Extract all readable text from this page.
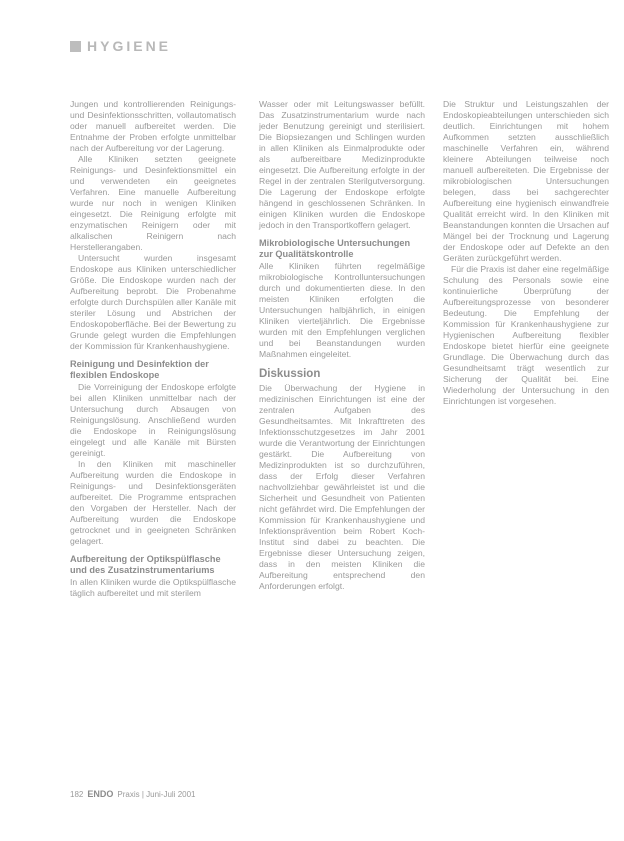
HYGIENE

Jungen und kontrollierenden Reinigungs- und Desinfektionsschritten, vollautomatisch oder manuell aufbereitet werden. Die Entnahme der Proben erfolgte unmittelbar nach der Aufbereitung vor der Lagerung.

Alle Kliniken setzten geeignete Reinigungs- und Desinfektionsmittel ein und verwendeten ein geeignetes Verfahren. Eine manuelle Aufbereitung wurde nur noch in wenigen Kliniken eingesetzt. Die Reinigung erfolgte mit enzymatischen Reinigern oder mit alkalischen Reinigern nach Herstellerangaben.

Untersucht wurden insgesamt Endoskope aus Kliniken unterschiedlicher Größe. Die Endoskope wurden nach der Aufbereitung beprobt. Die Probenahme erfolgte durch Durchspülen aller Kanäle mit steriler Lösung und Abstrichen der Endoskopoberfläche. Bei der Bewertung zu Grunde gelegt wurden die Empfehlungen der Kommission für Krankenhaushygiene.

Reinigung und Desinfektion der flexiblen Endoskope

Die Vorreinigung der Endoskope erfolgte bei allen Kliniken unmittelbar nach der Untersuchung durch Absaugen von Reinigungslösung. Anschließend wurden die Endoskope in Reinigungslösung eingelegt und alle Kanäle mit Bürsten gereinigt.

In den Kliniken mit maschineller Aufbereitung wurden die Endoskope in Reinigungs- und Desinfektionsgeräten aufbereitet. Die Programme entsprachen den Vorgaben der Hersteller. Nach der Aufbereitung wurden die Endoskope getrocknet und in geeigneten Schränken gelagert.

Aufbereitung der Optikspülflasche und des Zusatzinstrumentariums

In allen Kliniken wurde die Optikspülflasche täglich aufbereitet und mit sterilem

Wasser oder mit Leitungswasser befüllt. Das Zusatzinstrumentarium wurde nach jeder Benutzung gereinigt und sterilisiert. Die Biopsiezangen und Schlingen wurden in allen Kliniken als Einmalprodukte oder als aufbereitbare Medizinprodukte eingesetzt. Die Aufbereitung erfolgte in der Regel in der zentralen Sterilgutversorgung. Die Lagerung der Endoskope erfolgte hängend in geschlossenen Schränken. In einigen Kliniken wurden die Endoskope jedoch in den Transportkoffern gelagert.

Mikrobiologische Untersuchungen zur Qualitätskontrolle

Alle Kliniken führten regelmäßige mikrobiologische Kontrolluntersuchungen durch und dokumentierten diese. In den meisten Kliniken erfolgten die Untersuchungen halbjährlich, in einigen Kliniken vierteljährlich. Die Ergebnisse wurden mit den Empfehlungen verglichen und bei Beanstandungen wurden Maßnahmen eingeleitet.

Diskussion

Die Überwachung der Hygiene in medizinischen Einrichtungen ist eine der zentralen Aufgaben des Gesundheitsamtes. Mit Inkrafttreten des Infektionsschutzgesetzes im Jahr 2001 wurde die Verantwortung der Einrichtungen gestärkt. Die Aufbereitung von Medizinprodukten ist so durchzuführen, dass der Erfolg dieser Verfahren nachvollziehbar gewährleistet ist und die Sicherheit und Gesundheit von Patienten nicht gefährdet wird. Die Empfehlungen der Kommission für Krankenhaushygiene und Infektionsprävention beim Robert Koch-Institut sind dabei zu beachten. Die Ergebnisse dieser Untersuchung zeigen, dass in den meisten Kliniken die Aufbereitung entsprechend den Anforderungen erfolgt.

Die Struktur und Leistungszahlen der Endoskopieabteilungen unterschieden sich deutlich. Einrichtungen mit hohem Aufkommen setzten ausschließlich maschinelle Verfahren ein, während kleinere Abteilungen teilweise noch manuell aufbereiteten. Die Ergebnisse der mikrobiologischen Untersuchungen belegen, dass bei sachgerechter Aufbereitung eine hygienisch einwandfreie Qualität erreicht wird. In den Kliniken mit Beanstandungen konnten die Ursachen auf Mängel bei der Trocknung und Lagerung der Endoskope oder auf Defekte an den Geräten zurückgeführt werden.

Für die Praxis ist daher eine regelmäßige Schulung des Personals sowie eine kontinuierliche Überprüfung der Aufbereitungsprozesse von besonderer Bedeutung. Die Empfehlung der Kommission für Krankenhaushygiene zur Hygienischen Aufbereitung flexibler Endoskope bietet hierfür eine geeignete Grundlage. Die Überwachung durch das Gesundheitsamt trägt wesentlich zur Sicherung der Qualität bei. Eine Wiederholung der Untersuchung in den Einrichtungen ist vorgesehen.

182 ENDO Praxis | Juni-Juli 2001
